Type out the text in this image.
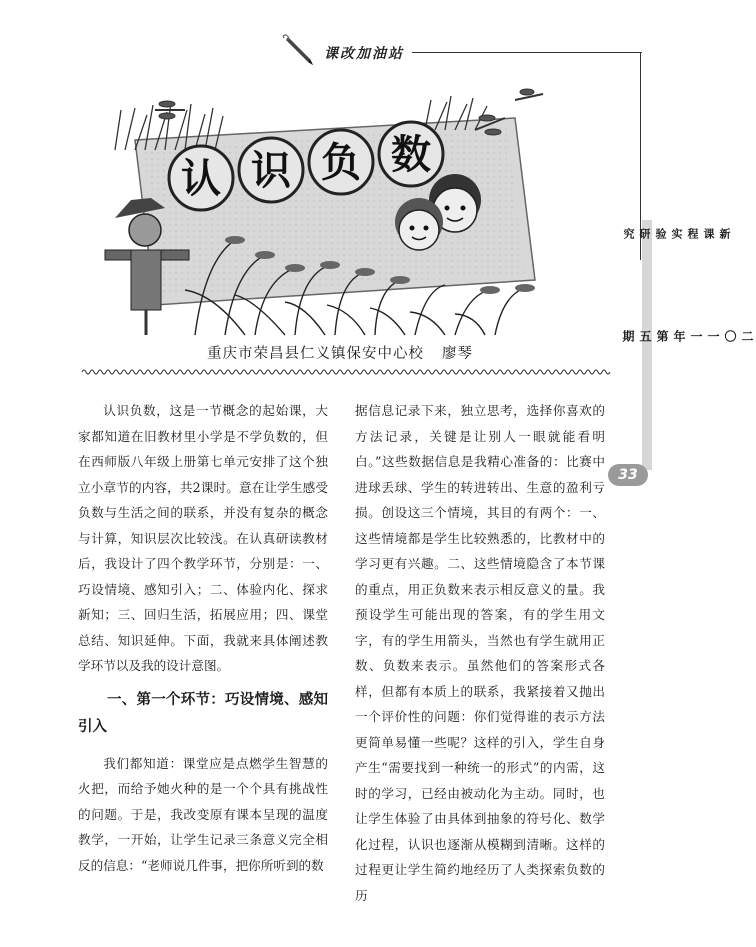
课改加油站
新课程实验研究
二〇一一年第五期
33
认 识 负 数
重庆市荣昌县仁义镇保安中心校 廖琴

认识负数，这是一节概念的起始课，大家都知道在旧教材里小学是不学负数的，但在西师版八年级上册第七单元安排了这个独立小章节的内容，共2课时。意在让学生感受负数与生活之间的联系，并没有复杂的概念与计算，知识层次比较浅。在认真研读教材后，我设计了四个教学环节，分别是：一、巧设情境、感知引入；二、体验内化、探求新知；三、回归生活，拓展应用；四、课堂总结、知识延伸。下面，我就来具体阐述教学环节以及我的设计意图。

一、第一个环节：巧设情境、感知引入

我们都知道：课堂应是点燃学生智慧的火把，而给予她火种的是一个个具有挑战性的问题。于是，我改变原有课本呈现的温度教学，一开始，让学生记录三条意义完全相反的信息：“老师说几件事，把你所听到的数

据信息记录下来，独立思考，选择你喜欢的方法记录，关键是让别人一眼就能看明白。”这些数据信息是我精心准备的：比赛中进球丢球、学生的转进转出、生意的盈利亏损。创设这三个情境，其目的有两个：一、这些情境都是学生比较熟悉的，比教材中的学习更有兴趣。二、这些情境隐含了本节课的重点，用正负数来表示相反意义的量。我预设学生可能出现的答案，有的学生用文字，有的学生用箭头，当然也有学生就用正数、负数来表示。虽然他们的答案形式各样，但都有本质上的联系，我紧接着又抛出一个评价性的问题：你们觉得谁的表示方法更简单易懂一些呢？这样的引入，学生自身产生“需要找到一种统一的形式”的内需，这时的学习，已经由被动化为主动。同时，也让学生体验了由具体到抽象的符号化、数学化过程，认识也逐渐从模糊到清晰。这样的过程更让学生简约地经历了人类探索负数的历
